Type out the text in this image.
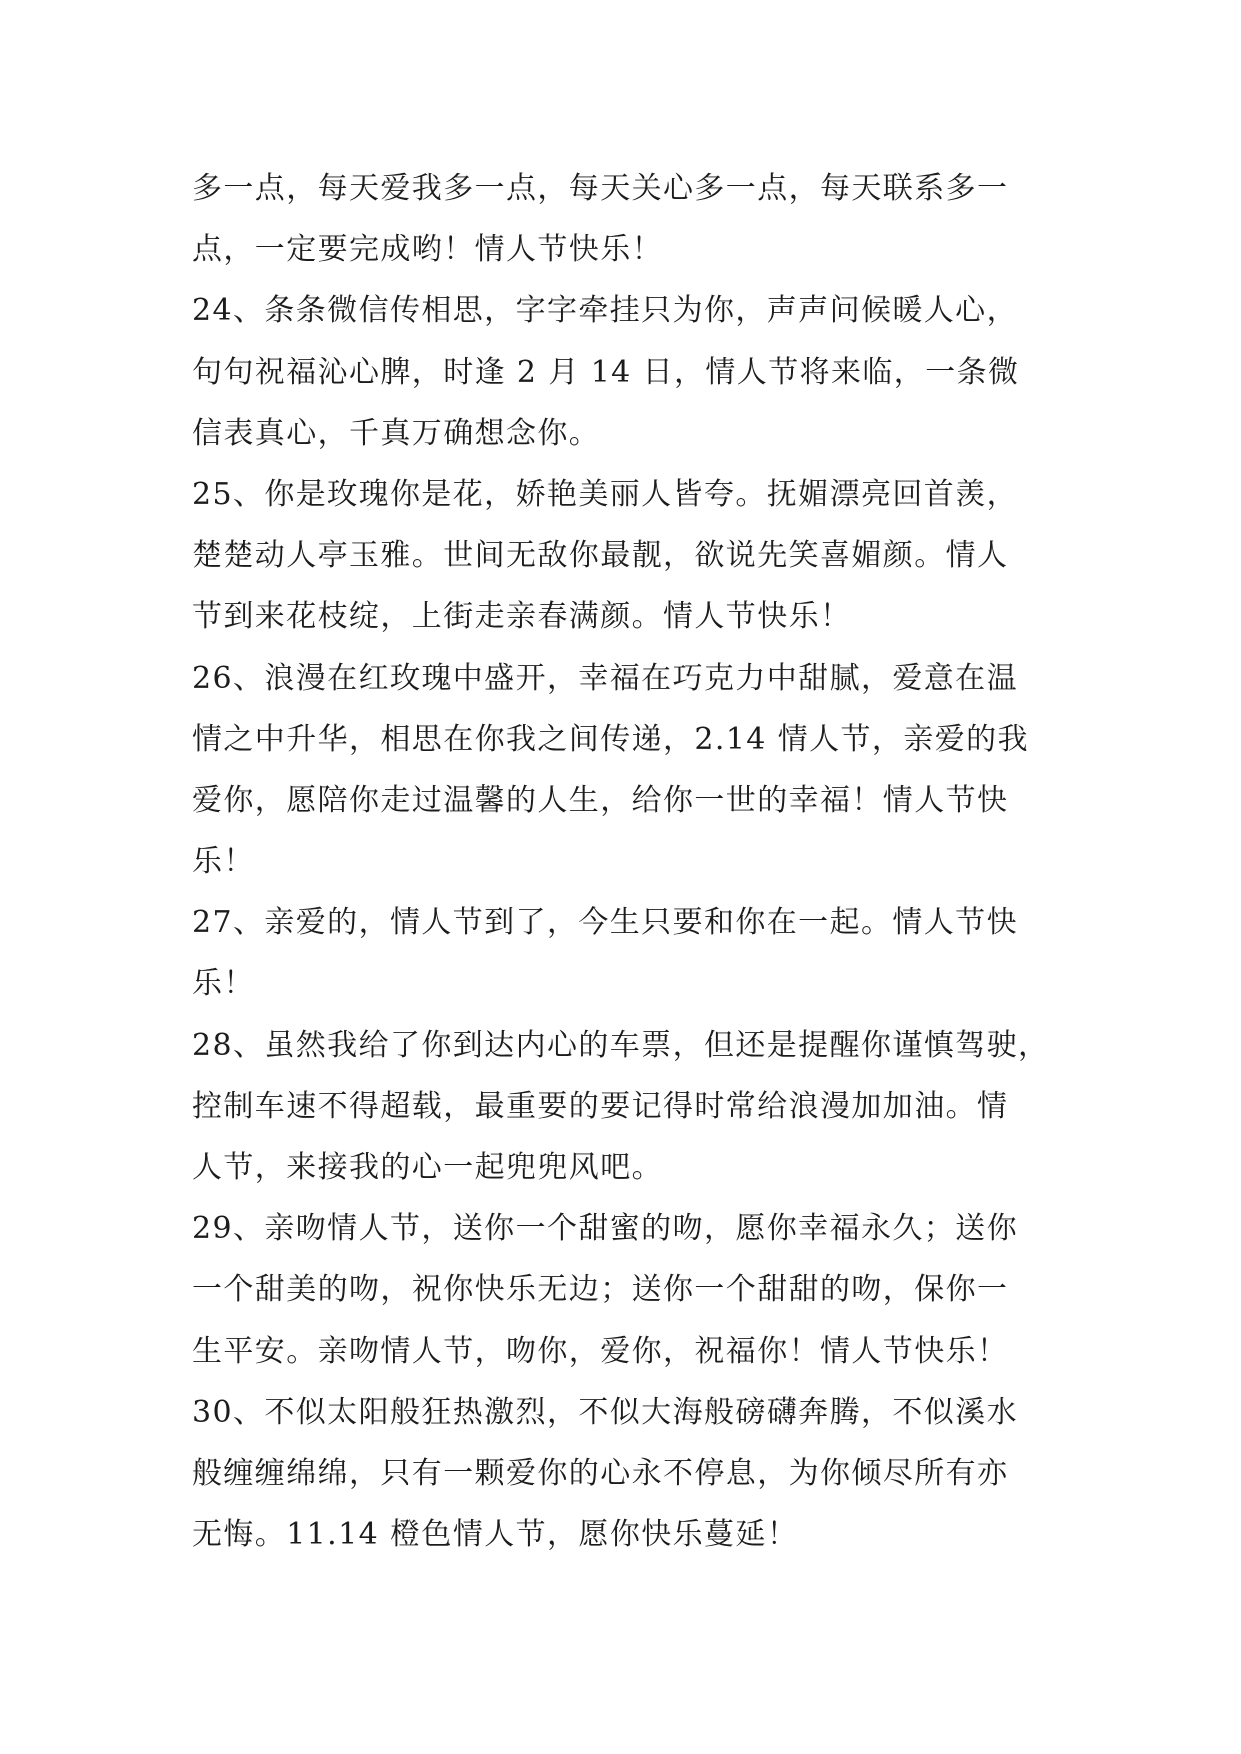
多一点，每天爱我多一点，每天关心多一点，每天联系多一
点，一定要完成哟！情人节快乐！
24、条条微信传相思，字字牵挂只为你，声声问候暖人心，
句句祝福沁心脾，时逢 2 月 14 日，情人节将来临，一条微
信表真心，千真万确想念你。
25、你是玫瑰你是花，娇艳美丽人皆夸。抚媚漂亮回首羡，
楚楚动人亭玉雅。世间无敌你最靓，欲说先笑喜媚颜。情人
节到来花枝绽，上街走亲春满颜。情人节快乐！
26、浪漫在红玫瑰中盛开，幸福在巧克力中甜腻，爱意在温
情之中升华，相思在你我之间传递，2.14 情人节，亲爱的我
爱你，愿陪你走过温馨的人生，给你一世的幸福！情人节快
乐！
27、亲爱的，情人节到了，今生只要和你在一起。情人节快
乐！
28、虽然我给了你到达内心的车票，但还是提醒你谨慎驾驶，
控制车速不得超载，最重要的要记得时常给浪漫加加油。情
人节，来接我的心一起兜兜风吧。
29、亲吻情人节，送你一个甜蜜的吻，愿你幸福永久；送你
一个甜美的吻，祝你快乐无边；送你一个甜甜的吻，保你一
生平安。亲吻情人节，吻你，爱你，祝福你！情人节快乐！
30、不似太阳般狂热激烈，不似大海般磅礴奔腾，不似溪水
般缠缠绵绵，只有一颗爱你的心永不停息，为你倾尽所有亦
无悔。11.14 橙色情人节，愿你快乐蔓延！
